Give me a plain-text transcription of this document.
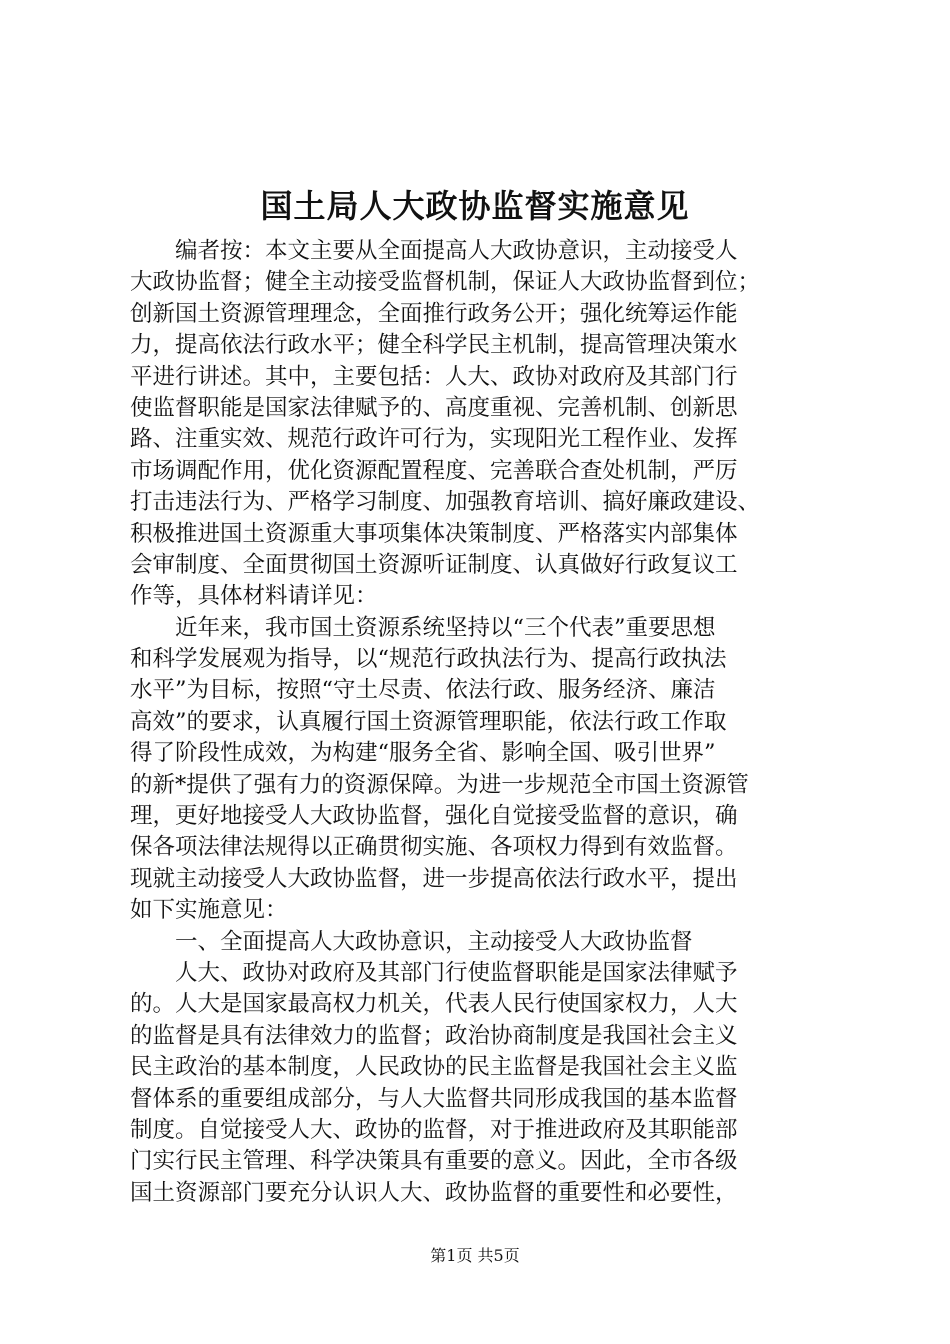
国土局人大政协监督实施意见
　　编者按：本文主要从全面提高人大政协意识，主动接受人
大政协监督；健全主动接受监督机制，保证人大政协监督到位；
创新国土资源管理理念，全面推行政务公开；强化统筹运作能
力，提高依法行政水平；健全科学民主机制，提高管理决策水
平进行讲述。其中，主要包括：人大、政协对政府及其部门行
使监督职能是国家法律赋予的、高度重视、完善机制、创新思
路、注重实效、规范行政许可行为，实现阳光工程作业、发挥
市场调配作用，优化资源配置程度、完善联合查处机制，严厉
打击违法行为、严格学习制度、加强教育培训、搞好廉政建设、
积极推进国土资源重大事项集体决策制度、严格落实内部集体
会审制度、全面贯彻国土资源听证制度、认真做好行政复议工
作等，具体材料请详见：
　　近年来，我市国土资源系统坚持以“三个代表”重要思想
和科学发展观为指导，以“规范行政执法行为、提高行政执法
水平”为目标，按照“守土尽责、依法行政、服务经济、廉洁
高效”的要求，认真履行国土资源管理职能，依法行政工作取
得了阶段性成效，为构建“服务全省、影响全国、吸引世界”
的新*提供了强有力的资源保障。为进一步规范全市国土资源管
理，更好地接受人大政协监督，强化自觉接受监督的意识，确
保各项法律法规得以正确贯彻实施、各项权力得到有效监督。
现就主动接受人大政协监督，进一步提高依法行政水平，提出
如下实施意见：
　　一、全面提高人大政协意识，主动接受人大政协监督
　　人大、政协对政府及其部门行使监督职能是国家法律赋予
的。人大是国家最高权力机关，代表人民行使国家权力，人大
的监督是具有法律效力的监督；政治协商制度是我国社会主义
民主政治的基本制度，人民政协的民主监督是我国社会主义监
督体系的重要组成部分，与人大监督共同形成我国的基本监督
制度。自觉接受人大、政协的监督，对于推进政府及其职能部
门实行民主管理、科学决策具有重要的意义。因此，全市各级
国土资源部门要充分认识人大、政协监督的重要性和必要性，
第1页 共5页
